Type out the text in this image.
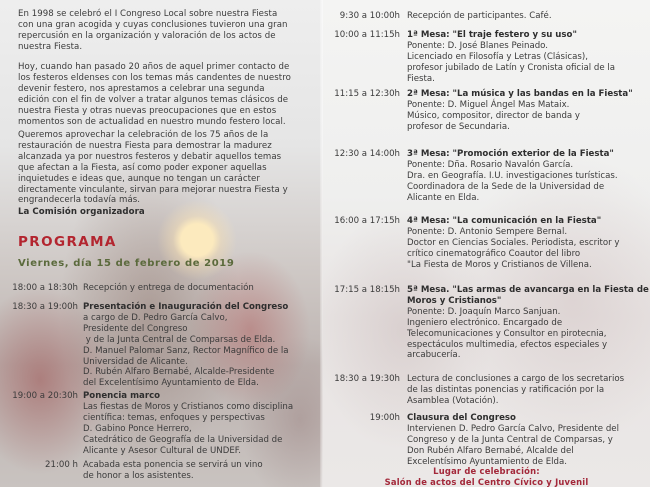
En 1998 se celebró el I Congreso Local sobre nuestra Fiesta
con una gran acogida y cuyas conclusiones tuvieron una gran
repercusión en la organización y valoración de los actos de
nuestra Fiesta.
Hoy, cuando han pasado 20 años de aquel primer contacto de
los festeros eldenses con los temas más candentes de nuestro
devenir festero, nos aprestamos a celebrar una segunda
edición con el fin de volver a tratar algunos temas clásicos de
nuestra Fiesta y otras nuevas preocupaciones que en estos
momentos son de actualidad en nuestro mundo festero local.
Queremos aprovechar la celebración de los 75 años de la
restauración de nuestra Fiesta para demostrar la madurez
alcanzada ya por nuestros festeros y debatir aquellos temas
que afectan a la Fiesta, así como poder exponer aquellas
inquietudes e ideas que, aunque no tengan un carácter
directamente vinculante, sirvan para mejorar nuestra Fiesta y
engrandecerla todavía más.
La Comisión organizadora
PROGRAMA
Viernes, día 15 de febrero de 2019
18:00 a 18:30h Recepción y entrega de documentación
18:30 a 19:00h Presentación e Inauguración del Congreso
a cargo de D. Pedro García Calvo,
Presidente del Congreso
y de la Junta Central de Comparsas de Elda.
D. Manuel Palomar Sanz, Rector Magnífico de la
Universidad de Alicante.
D. Rubén Alfaro Bernabé, Alcalde-Presidente
del Excelentísimo Ayuntamiento de Elda.
19:00 a 20:30h Ponencia marco
Las fiestas de Moros y Cristianos como disciplina
científica: temas, enfoques y perspectivas
D. Gabino Ponce Herrero,
Catedrático de Geografía de la Universidad de
Alicante y Asesor Cultural de UNDEF.
21:00 h Acabada esta ponencia se servirá un vino
de honor a los asistentes.
9:30 a 10:00h Recepción de participantes. Café.
10:00 a 11:15h 1ª Mesa: "El traje festero y su uso"
Ponente: D. José Blanes Peinado.
Licenciado en Filosofía y Letras (Clásicas),
profesor jubilado de Latín y Cronista oficial de la
Fiesta.
11:15 a 12:30h 2ª Mesa: "La música y las bandas en la Fiesta"
Ponente: D. Miguel Ángel Mas Mataix.
Músico, compositor, director de banda y
profesor de Secundaria.
12:30 a 14:00h 3ª Mesa: "Promoción exterior de la Fiesta"
Ponente: Dña. Rosario Navalón García.
Dra. en Geografía. I.U. investigaciones turísticas.
Coordinadora de la Sede de la Universidad de
Alicante en Elda.
16:00 a 17:15h 4ª Mesa: "La comunicación en la Fiesta"
Ponente: D. Antonio Sempere Bernal.
Doctor en Ciencias Sociales. Periodista, escritor y
crítico cinematográfico Coautor del libro
"La Fiesta de Moros y Cristianos de Villena.
17:15 a 18:15h 5ª Mesa. "Las armas de avancarga en la Fiesta de
Moros y Cristianos"
Ponente: D. Joaquín Marco Sanjuan.
Ingeniero electrónico. Encargado de
Telecomunicaciones y Consultor en pirotecnia,
espectáculos multimedia, efectos especiales y
arcabucería.
18:30 a 19:30h Lectura de conclusiones a cargo de los secretarios
de las distintas ponencias y ratificación por la
Asamblea (Votación).
19:00h Clausura del Congreso
Intervienen D. Pedro García Calvo, Presidente del
Congreso y de la Junta Central de Comparsas, y
Don Rubén Alfaro Bernabé, Alcalde del
Excelentísimo Ayuntamiento de Elda.
Lugar de celebración:
Salón de actos del Centro Cívico y Juvenil
